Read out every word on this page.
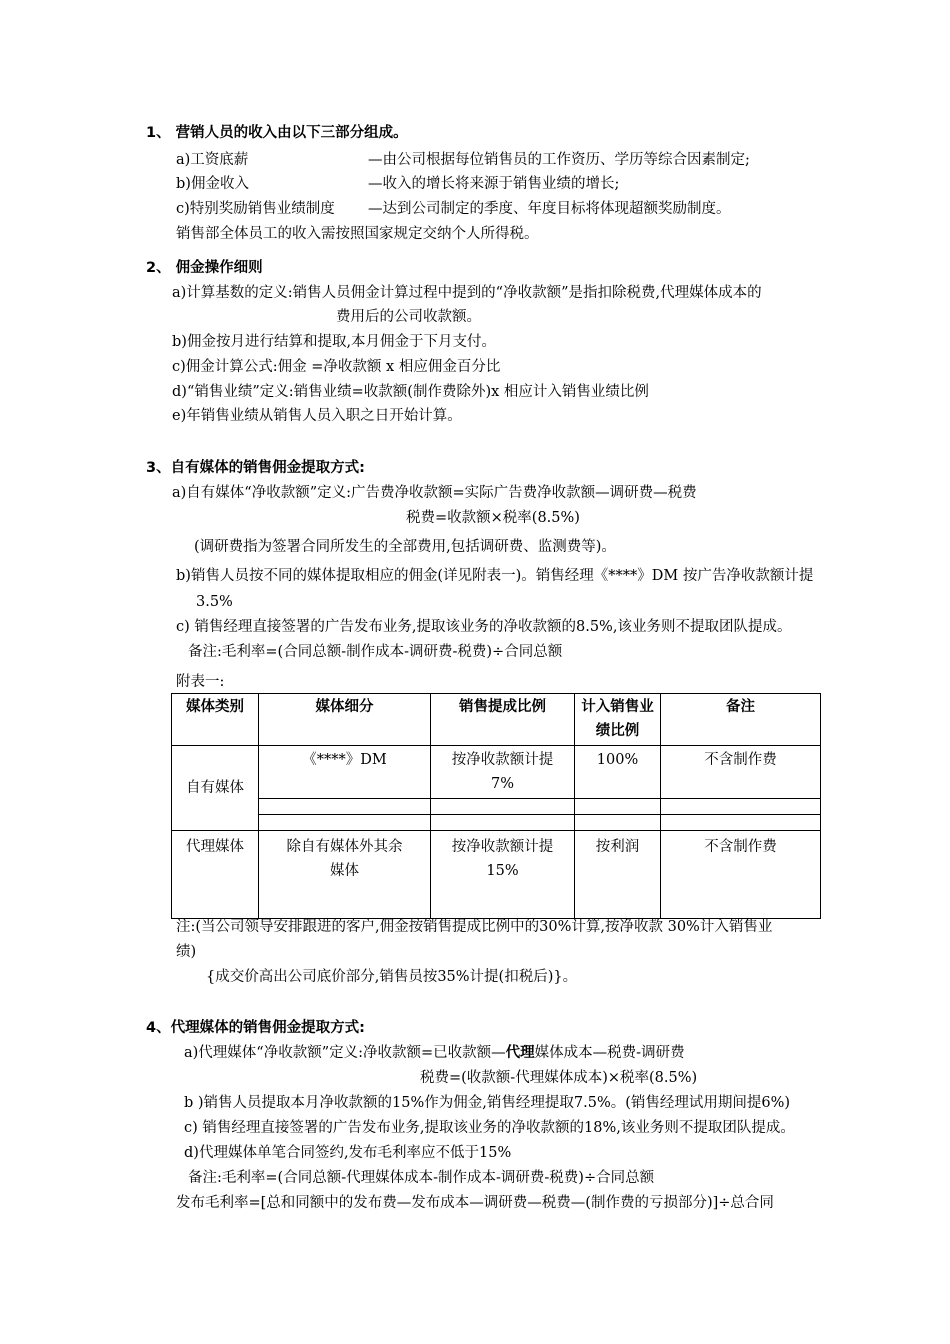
1、 营销人员的收入由以下三部分组成。
a)工资底薪	—由公司根据每位销售员的工作资历、学历等综合因素制定;
b)佣金收入	—收入的增长将来源于销售业绩的增长;
c)特别奖励销售业绩制度 —达到公司制定的季度、年度目标将体现超额奖励制度。
销售部全体员工的收入需按照国家规定交纳个人所得税。
2、 佣金操作细则
a)计算基数的定义:销售人员佣金计算过程中提到的“净收款额”是指扣除税费,代理媒体成本的
费用后的公司收款额。
b)佣金按月进行结算和提取,本月佣金于下月支付。
c)佣金计算公式:佣金 =净收款额 x 相应佣金百分比
d)“销售业绩”定义:销售业绩=收款额(制作费除外)x 相应计入销售业绩比例
e)年销售业绩从销售人员入职之日开始计算。
3、自有媒体的销售佣金提取方式:
a)自有媒体“净收款额”定义:广告费净收款额=实际广告费净收款额—调研费—税费
税费=收款额×税率(8.5%)
(调研费指为签署合同所发生的全部费用,包括调研费、监测费等)。
b)销售人员按不同的媒体提取相应的佣金(详见附表一)。销售经理《****》DM 按广告净收款额计提
3.5%
c) 销售经理直接签署的广告发布业务,提取该业务的净收款额的8.5%,该业务则不提取团队提成。
备注:毛利率=(合同总额-制作成本-调研费-税费)÷合同总额
附表一:
媒体类别	媒体细分	销售提成比例	计入销售业绩比例	备注
自有媒体	《****》DM	按净收款额计提 7%	100%	不含制作费

代理媒体	除自有媒体外其余媒体	按净收款额计提 15%	按利润	不含制作费
注:(当公司领导安排跟进的客户,佣金按销售提成比例中的30%计算,按净收款 30%计入销售业
绩)
{成交价高出公司底价部分,销售员按35%计提(扣税后)}。
4、代理媒体的销售佣金提取方式:
a)代理媒体“净收款额”定义:净收款额=已收款额—代理媒体成本—税费-调研费
税费=(收款额-代理媒体成本)×税率(8.5%)
b )销售人员提取本月净收款额的15%作为佣金,销售经理提取7.5%。(销售经理试用期间提6%)
c) 销售经理直接签署的广告发布业务,提取该业务的净收款额的18%,该业务则不提取团队提成。
d)代理媒体单笔合同签约,发布毛利率应不低于15%
备注:毛利率=(合同总额-代理媒体成本-制作成本-调研费-税费)÷合同总额
发布毛利率=[总和同额中的发布费—发布成本—调研费—税费—(制作费的亏损部分)]÷总合同
